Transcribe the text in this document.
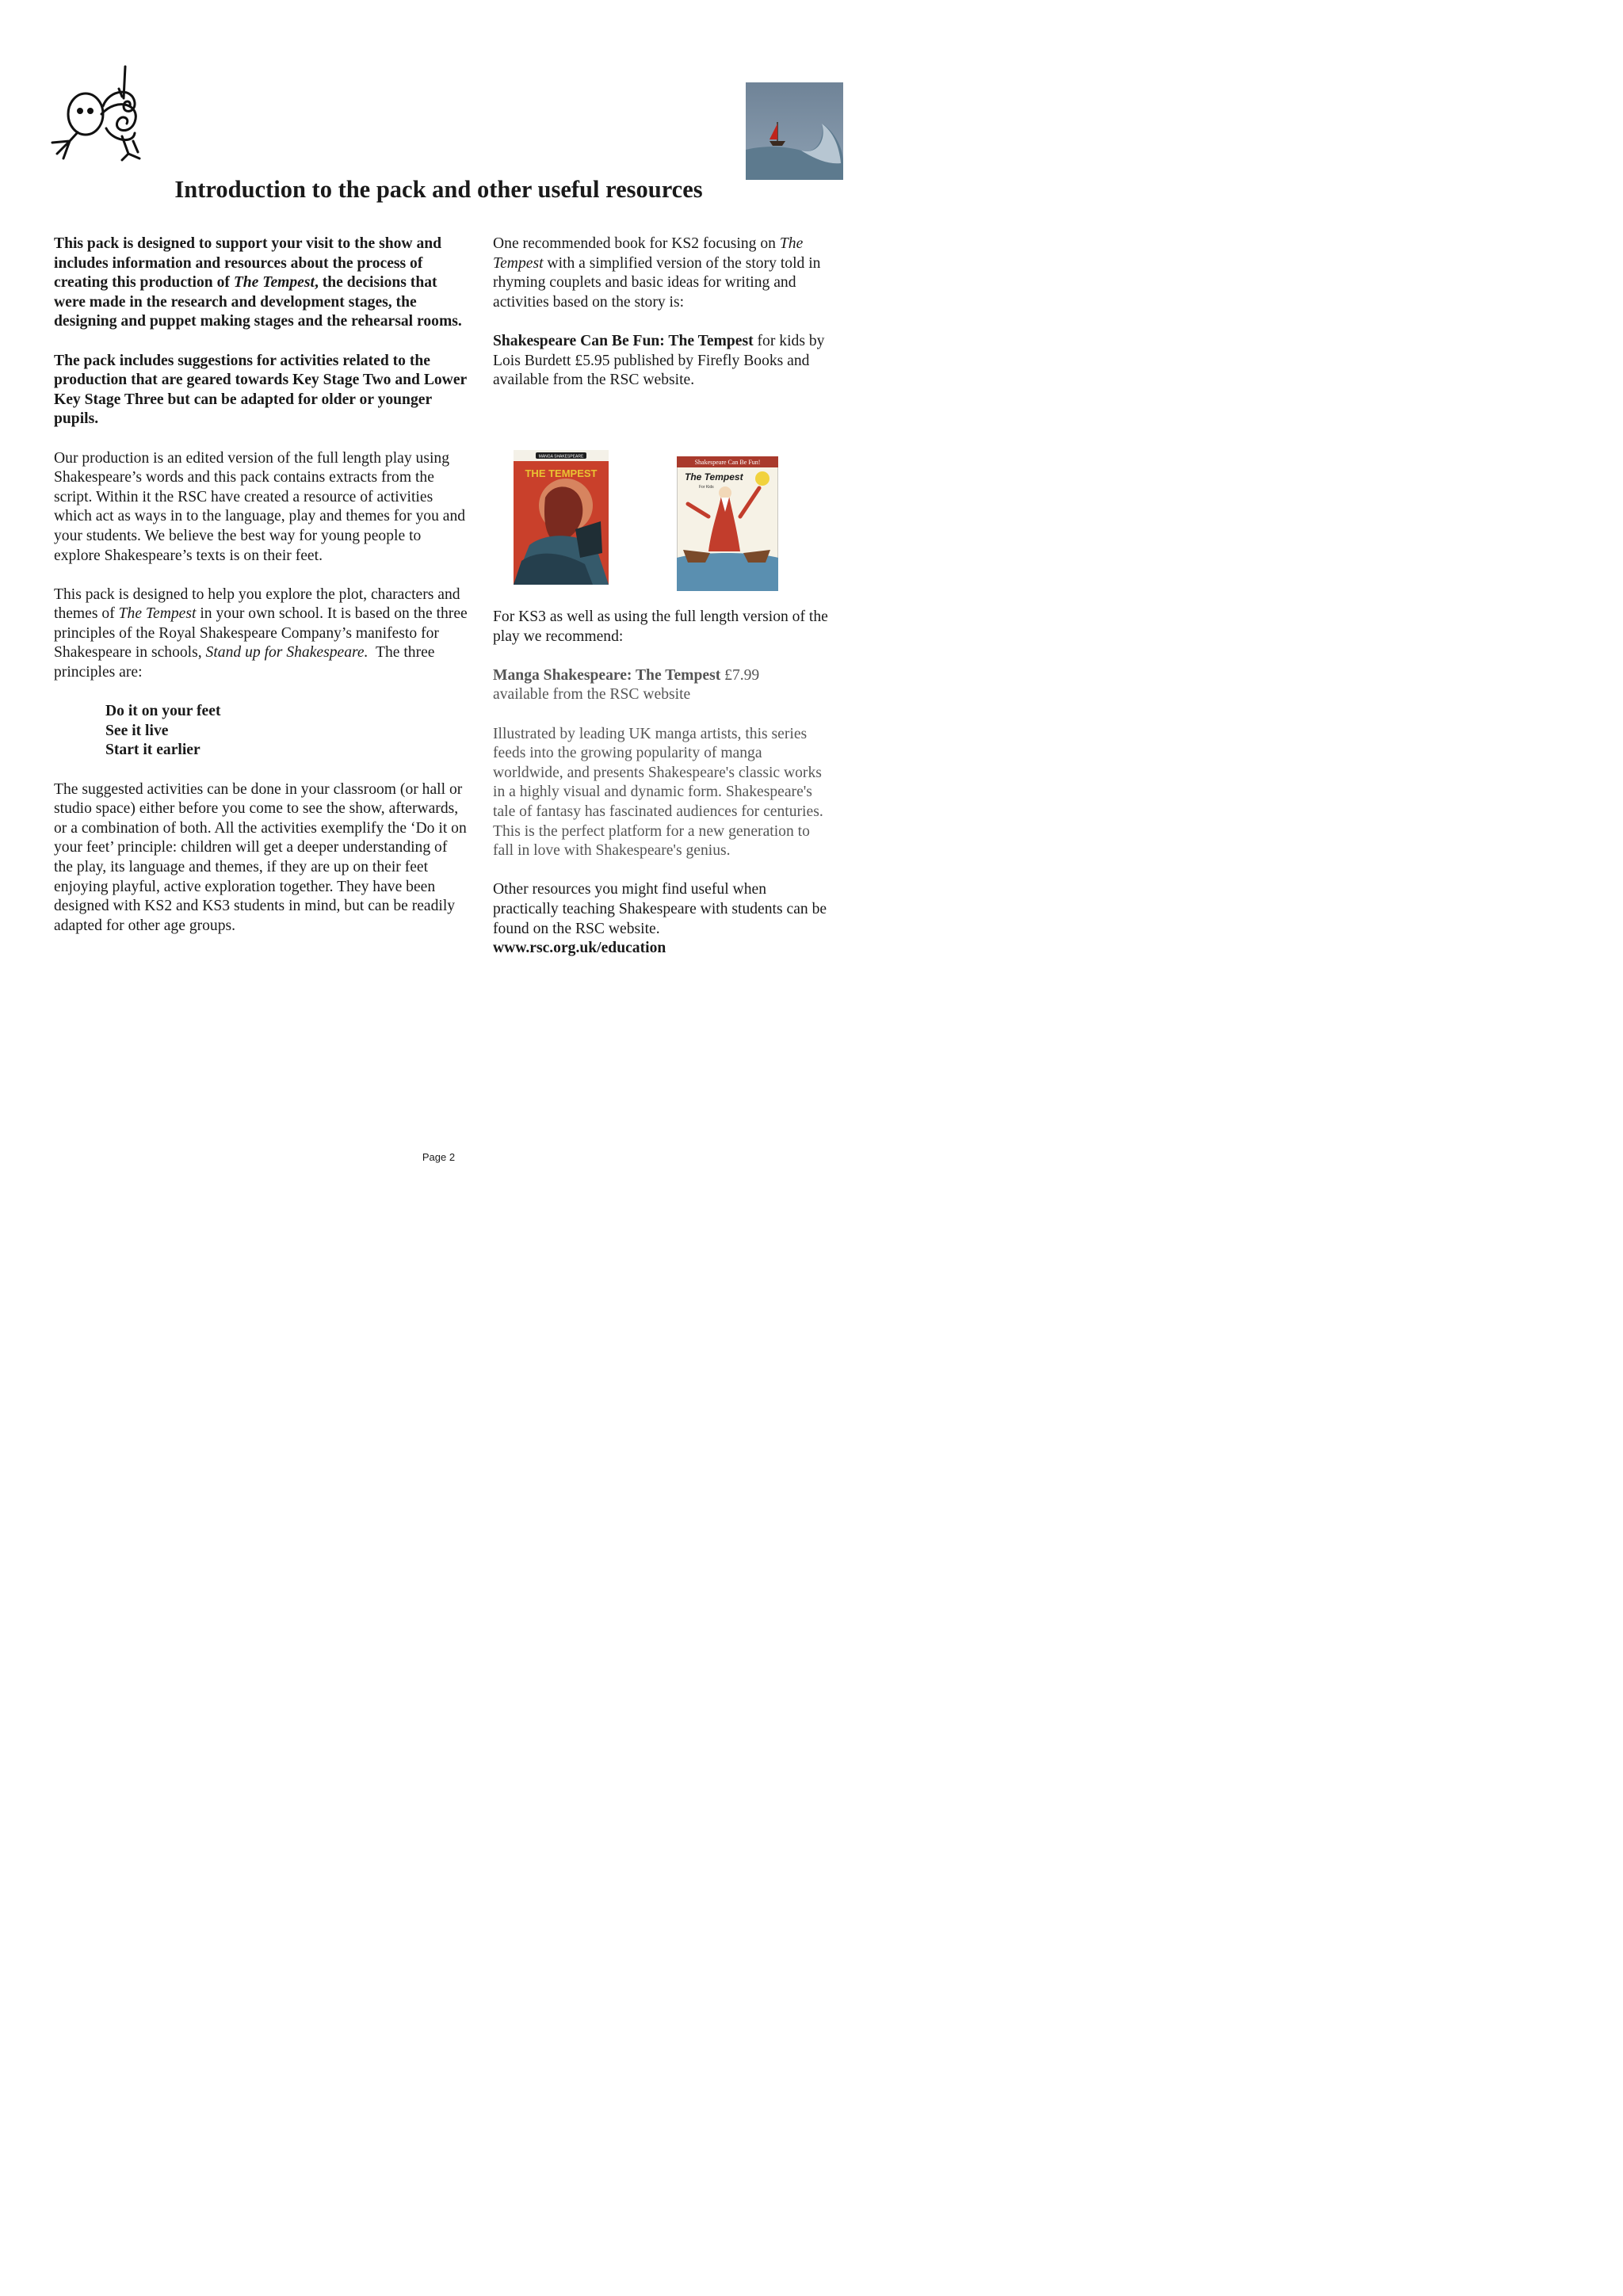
Introduction to the pack and other useful resources

This pack is designed to support your visit to the show and includes information and resources about the process of creating this production of The Tempest, the decisions that were made in the research and development stages, the designing and puppet making stages and the rehearsal rooms.

The pack includes suggestions for activities related to the production that are geared towards Key Stage Two and Lower Key Stage Three but can be adapted for older or younger pupils.

Our production is an edited version of the full length play using Shakespeare’s words and this pack contains extracts from the script. Within it the RSC have created a resource of activities which act as ways in to the language, play and themes for you and your students. We believe the best way for young people to explore Shakespeare’s texts is on their feet.

This pack is designed to help you explore the plot, characters and themes of The Tempest in your own school. It is based on the three principles of the Royal Shakespeare Company’s manifesto for Shakespeare in schools, Stand up for Shakespeare. The three principles are:

Do it on your feet
See it live
Start it earlier

The suggested activities can be done in your classroom (or hall or studio space) either before you come to see the show, afterwards, or a combination of both. All the activities exemplify the ‘Do it on your feet’ principle: children will get a deeper understanding of the play, its language and themes, if they are up on their feet enjoying playful, active exploration together. They have been designed with KS2 and KS3 students in mind, but can be readily adapted for other age groups.

One recommended book for KS2 focusing on The Tempest with a simplified version of the story told in rhyming couplets and basic ideas for writing and activities based on the story is:

Shakespeare Can Be Fun: The Tempest for kids by Lois Burdett £5.95 published by Firefly Books and available from the RSC website.

MANGA SHAKESPEARE
THE TEMPEST
Shakespeare Can Be Fun!
The Tempest
For Kids

For KS3 as well as using the full length version of the play we recommend:

Manga Shakespeare: The Tempest £7.99
available from the RSC website

Illustrated by leading UK manga artists, this series feeds into the growing popularity of manga worldwide, and presents Shakespeare's classic works in a highly visual and dynamic form. Shakespeare's tale of fantasy has fascinated audiences for centuries. This is the perfect platform for a new generation to fall in love with Shakespeare's genius.

Other resources you might find useful when practically teaching Shakespeare with students can be found on the RSC website.

www.rsc.org.uk/education

Page 2
